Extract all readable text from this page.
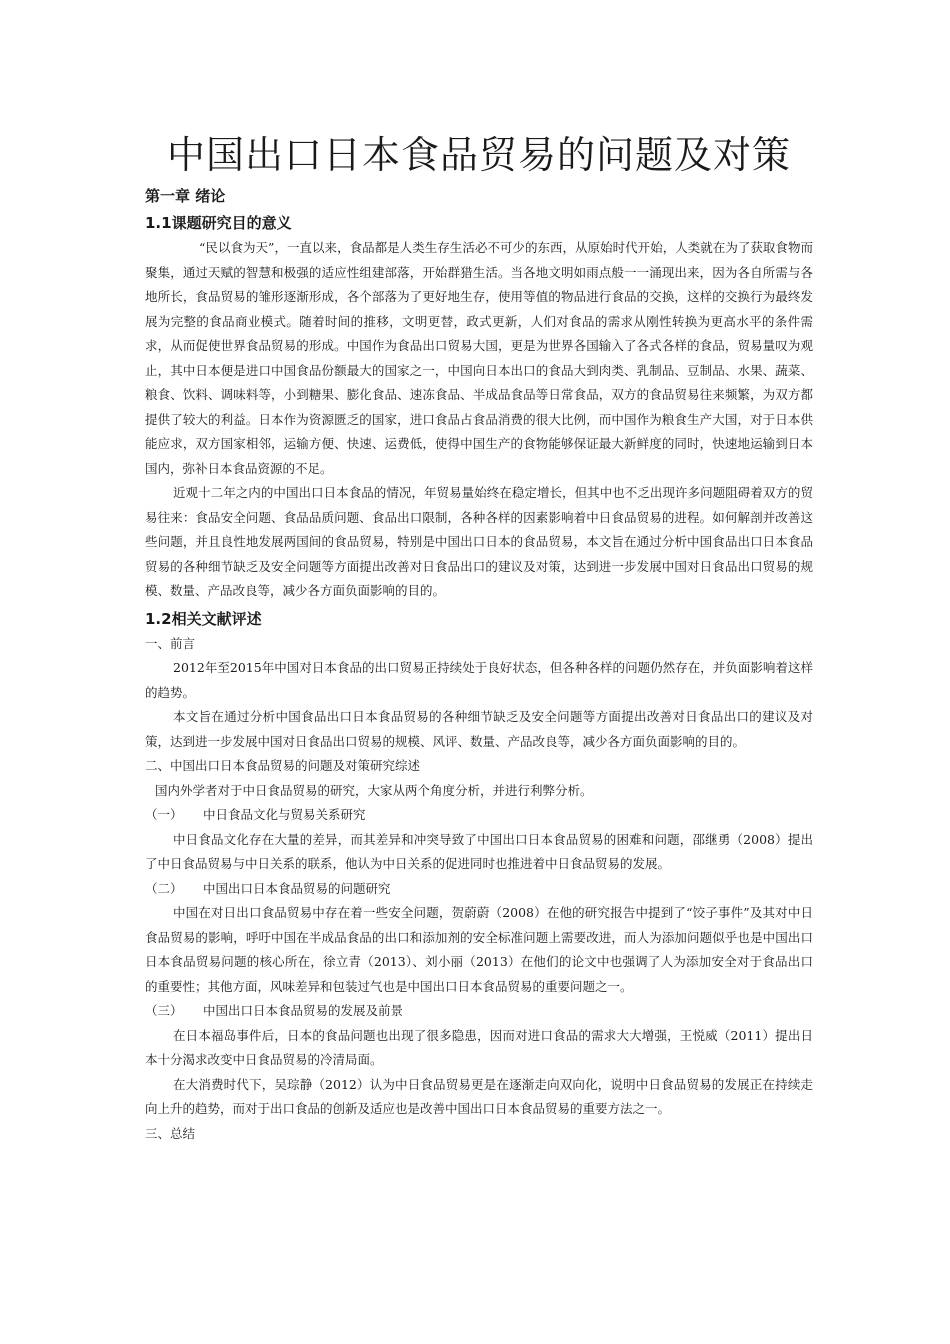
中国出口日本食品贸易的问题及对策
第一章 绪论
1.1课题研究目的意义

“民以食为天”，一直以来，食品都是人类生存生活必不可少的东西，从原始时代开始，人类就在为了获取食物而聚集，通过天赋的智慧和极强的适应性组建部落，开始群猎生活。当各地文明如雨点般一一涌现出来，因为各自所需与各地所长，食品贸易的雏形逐渐形成，各个部落为了更好地生存，使用等值的物品进行食品的交换，这样的交换行为最终发展为完整的食品商业模式。随着时间的推移，文明更替，政式更新，人们对食品的需求从刚性转换为更高水平的条件需求，从而促使世界食品贸易的形成。中国作为食品出口贸易大国，更是为世界各国输入了各式各样的食品，贸易量叹为观止，其中日本便是进口中国食品份额最大的国家之一，中国向日本出口的食品大到肉类、乳制品、豆制品、水果、蔬菜、粮食、饮料、调味料等，小到糖果、膨化食品、速冻食品、半成品食品等日常食品，双方的食品贸易往来频繁，为双方都提供了较大的利益。日本作为资源匮乏的国家，进口食品占食品消费的很大比例，而中国作为粮食生产大国，对于日本供能应求，双方国家相邻，运输方便、快速、运费低，使得中国生产的食物能够保证最大新鲜度的同时，快速地运输到日本国内，弥补日本食品资源的不足。

近观十二年之内的中国出口日本食品的情况，年贸易量始终在稳定增长，但其中也不乏出现许多问题阻碍着双方的贸易往来：食品安全问题、食品品质问题、食品出口限制，各种各样的因素影响着中日食品贸易的进程。如何解剖并改善这些问题，并且良性地发展两国间的食品贸易，特别是中国出口日本的食品贸易，本文旨在通过分析中国食品出口日本食品贸易的各种细节缺乏及安全问题等方面提出改善对日食品出口的建议及对策，达到进一步发展中国对日食品出口贸易的规模、数量、产品改良等，减少各方面负面影响的目的。

1.2相关文献评述
一、前言

2012年至2015年中国对日本食品的出口贸易正持续处于良好状态，但各种各样的问题仍然存在，并负面影响着这样的趋势。

本文旨在通过分析中国食品出口日本食品贸易的各种细节缺乏及安全问题等方面提出改善对日食品出口的建议及对策，达到进一步发展中国对日食品出口贸易的规模、风评、数量、产品改良等，减少各方面负面影响的目的。

二、中国出口日本食品贸易的问题及对策研究综述

国内外学者对于中日食品贸易的研究，大家从两个角度分析，并进行利弊分析。

（一） 中日食品文化与贸易关系研究

中日食品文化存在大量的差异，而其差异和冲突导致了中国出口日本食品贸易的困难和问题，邵继勇（2008）提出了中日食品贸易与中日关系的联系，他认为中日关系的促进同时也推进着中日食品贸易的发展。

（二） 中国出口日本食品贸易的问题研究

中国在对日出口食品贸易中存在着一些安全问题，贺蔚蔚（2008）在他的研究报告中提到了“饺子事件”及其对中日食品贸易的影响，呼吁中国在半成品食品的出口和添加剂的安全标准问题上需要改进，而人为添加问题似乎也是中国出口日本食品贸易问题的核心所在，徐立青（2013）、刘小丽（2013）在他们的论文中也强调了人为添加安全对于食品出口的重要性；其他方面，风味差异和包装过气也是中国出口日本食品贸易的重要问题之一。

（三） 中国出口日本食品贸易的发展及前景

在日本福岛事件后，日本的食品问题也出现了很多隐患，因而对进口食品的需求大大增强，王悦威（2011）提出日本十分渴求改变中日食品贸易的冷清局面。

在大消费时代下，吴琮静（2012）认为中日食品贸易更是在逐渐走向双向化，说明中日食品贸易的发展正在持续走向上升的趋势，而对于出口食品的创新及适应也是改善中国出口日本食品贸易的重要方法之一。

三、总结
